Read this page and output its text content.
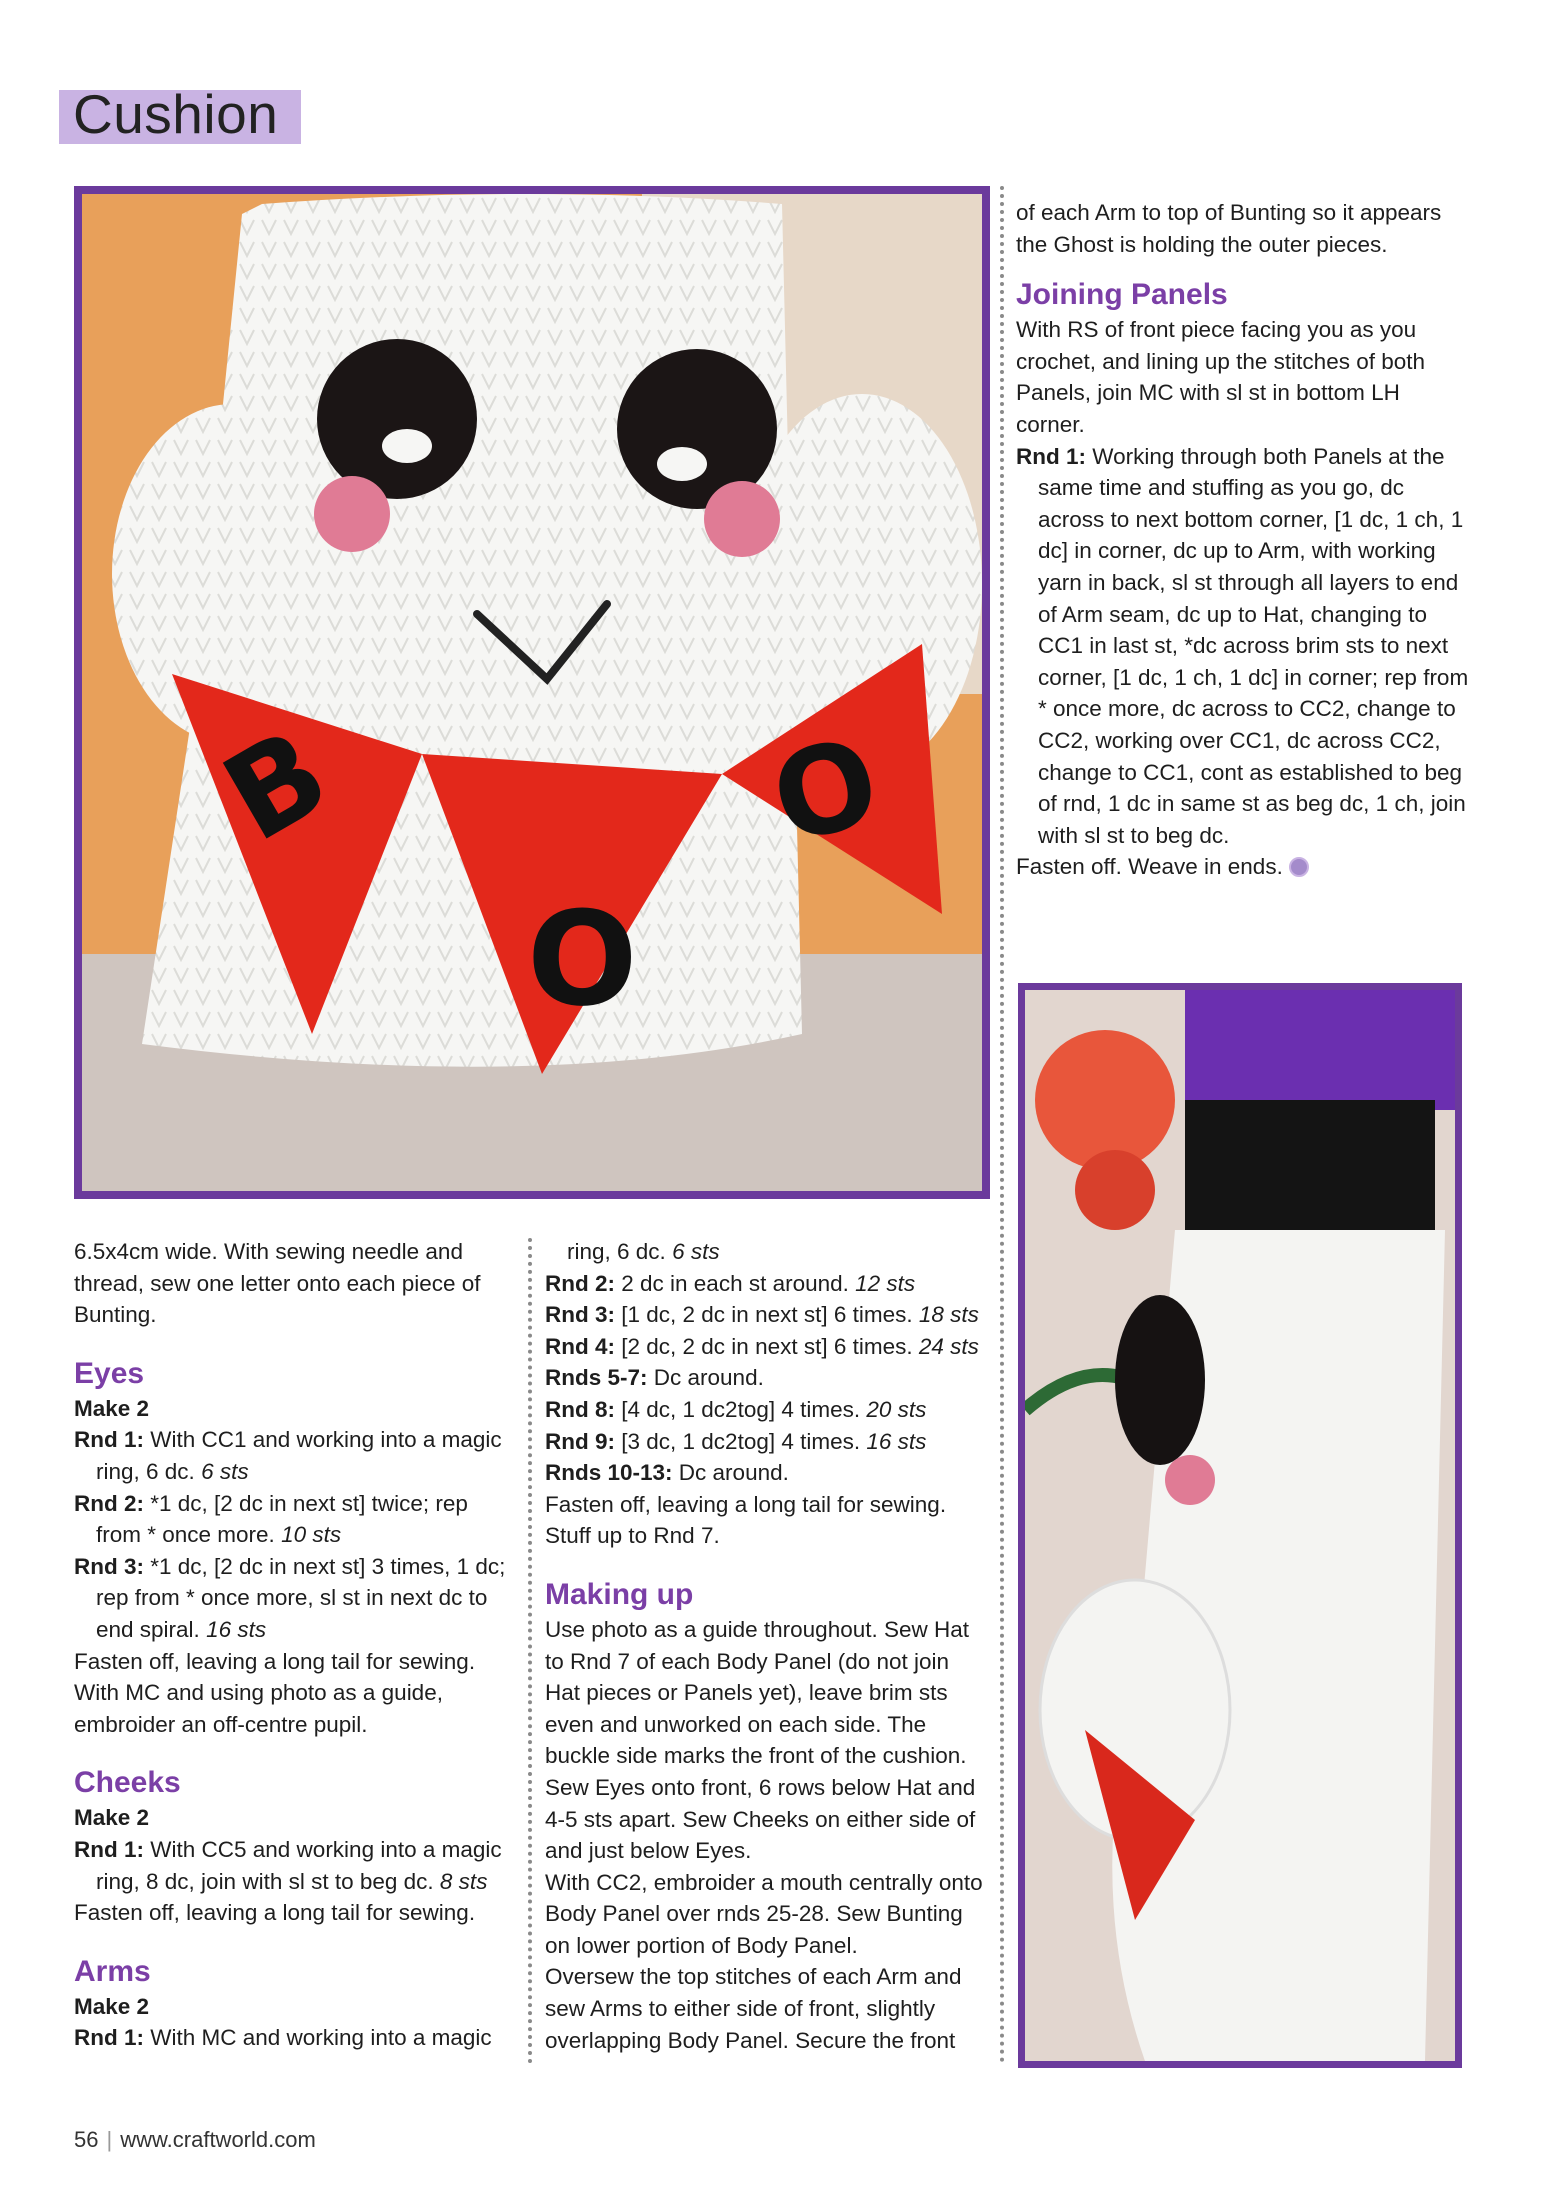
Cushion
B
O
O

6.5x4cm wide. With sewing needle and thread, sew one letter onto each piece of Bunting.

Eyes

Make 2

Rnd 1: With CC1 and working into a magic ring, 6 dc. 6 sts

Rnd 2: *1 dc, [2 dc in next st] twice; rep from * once more. 10 sts

Rnd 3: *1 dc, [2 dc in next st] 3 times, 1 dc; rep from * once more, sl st in next dc to end spiral. 16 sts

Fasten off, leaving a long tail for sewing.

With MC and using photo as a guide, embroider an off-centre pupil.

Cheeks

Make 2

Rnd 1: With CC5 and working into a magic ring, 8 dc, join with sl st to beg dc. 8 sts

Fasten off, leaving a long tail for sewing.

Arms

Make 2

Rnd 1: With MC and working into a magic

ring, 6 dc. 6 sts

Rnd 2: 2 dc in each st around. 12 sts

Rnd 3: [1 dc, 2 dc in next st] 6 times. 18 sts

Rnd 4: [2 dc, 2 dc in next st] 6 times. 24 sts

Rnds 5-7: Dc around.

Rnd 8: [4 dc, 1 dc2tog] 4 times. 20 sts

Rnd 9: [3 dc, 1 dc2tog] 4 times. 16 sts

Rnds 10-13: Dc around.

Fasten off, leaving a long tail for sewing. Stuff up to Rnd 7.

Making up

Use photo as a guide throughout. Sew Hat to Rnd 7 of each Body Panel (do not join Hat pieces or Panels yet), leave brim sts even and unworked on each side. The buckle side marks the front of the cushion.

Sew Eyes onto front, 6 rows below Hat and 4-5 sts apart. Sew Cheeks on either side of and just below Eyes.

With CC2, embroider a mouth centrally onto Body Panel over rnds 25-28. Sew Bunting on lower portion of Body Panel.

Oversew the top stitches of each Arm and sew Arms to either side of front, slightly overlapping Body Panel. Secure the front

of each Arm to top of Bunting so it appears the Ghost is holding the outer pieces.

Joining Panels

With RS of front piece facing you as you crochet, and lining up the stitches of both Panels, join MC with sl st in bottom LH corner.

Rnd 1: Working through both Panels at the same time and stuffing as you go, dc across to next bottom corner, [1 dc, 1 ch, 1 dc] in corner, dc up to Arm, with working yarn in back, sl st through all layers to end of Arm seam, dc up to Hat, changing to CC1 in last st, *dc across brim sts to next corner, [1 dc, 1 ch, 1 dc] in corner; rep from * once more, dc across to CC2, change to CC2, working over CC1, dc across CC2, change to CC1, cont as established to beg of rnd, 1 dc in same st as beg dc, 1 ch, join with sl st to beg dc.

Fasten off. Weave in ends.

56 | www.craftworld.com
